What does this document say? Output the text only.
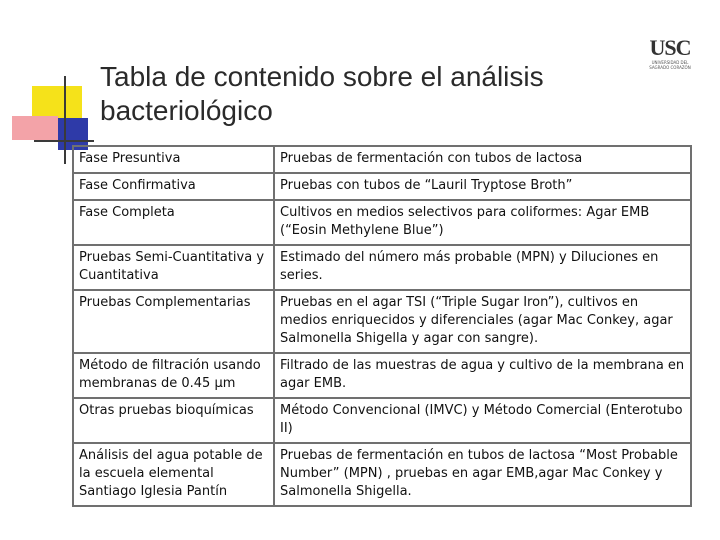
Tabla de contenido sobre el análisis bacteriológico
USC
UNIVERSIDAD DEL SAGRADO CORAZÓN
Fase Presuntiva	Pruebas de fermentación con tubos de lactosa
Fase Confirmativa	Pruebas con tubos de “Lauril Tryptose Broth”
Fase Completa	Cultivos en medios selectivos para coliformes: Agar EMB (“Eosin Methylene Blue”)
Pruebas Semi-Cuantitativa y Cuantitativa	Estimado del número más probable (MPN) y Diluciones en series.
Pruebas Complementarias	Pruebas en el agar TSI (“Triple Sugar Iron”), cultivos en medios enriquecidos y diferenciales (agar Mac Conkey, agar Salmonella Shigella y agar con sangre).
Método de filtración usando membranas de 0.45 µm	Filtrado de las muestras de agua y cultivo de la membrana en agar EMB.
Otras pruebas bioquímicas	Método Convencional (IMVC) y Método Comercial (Enterotubo II)
Análisis del agua potable de la escuela elemental Santiago Iglesia Pantín	Pruebas de fermentación en tubos de lactosa “Most Probable Number” (MPN) , pruebas en agar EMB,agar Mac Conkey y Salmonella Shigella.
